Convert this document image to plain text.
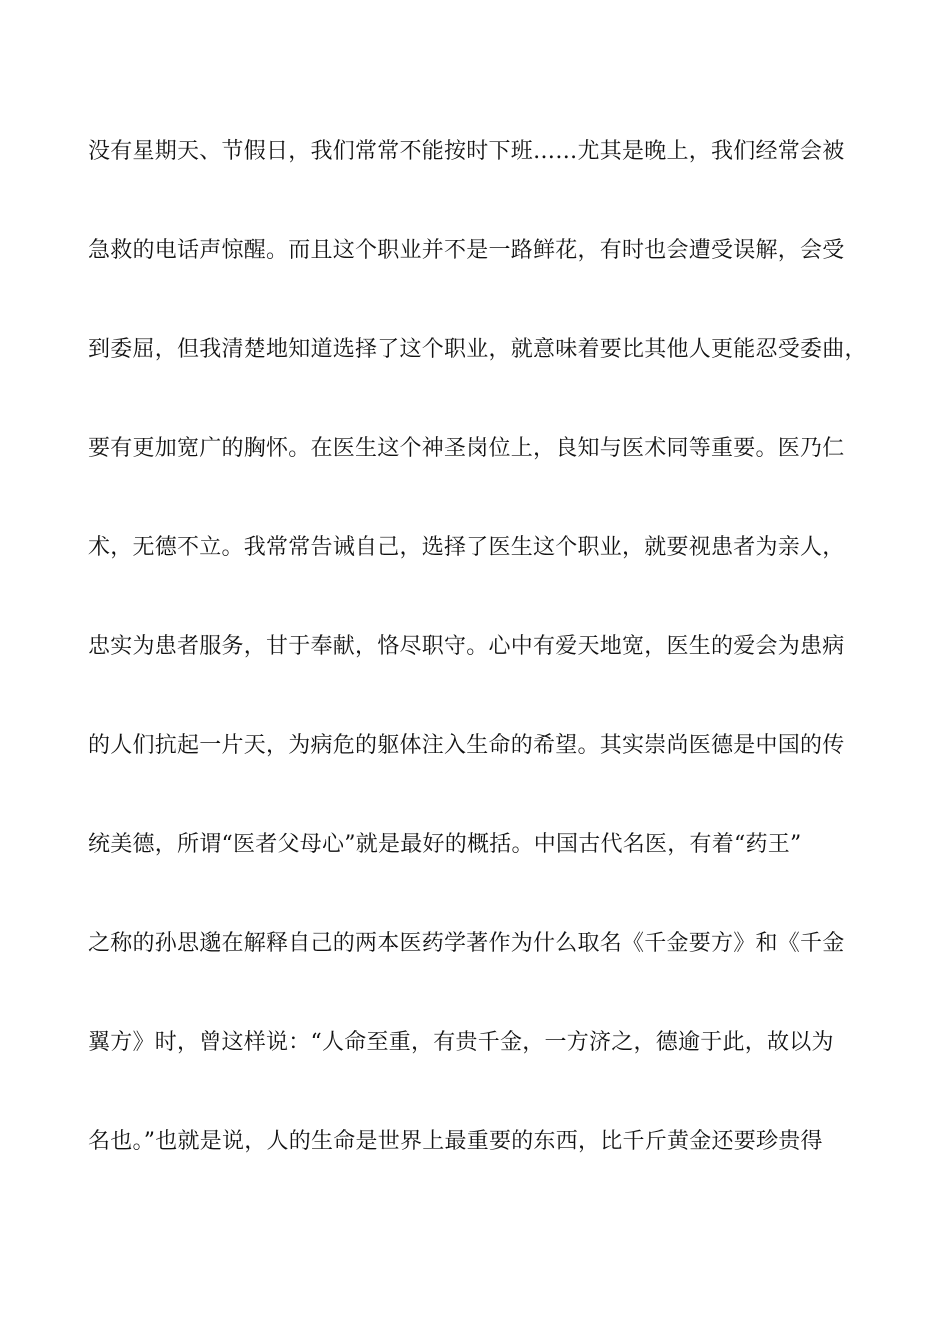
没有星期天、节假日，我们常常不能按时下班……尤其是晚上，我们经常会被
急救的电话声惊醒。而且这个职业并不是一路鲜花，有时也会遭受误解，会受
到委屈，但我清楚地知道选择了这个职业，就意味着要比其他人更能忍受委曲，
要有更加宽广的胸怀。在医生这个神圣岗位上，良知与医术同等重要。医乃仁
术，无德不立。我常常告诫自己，选择了医生这个职业，就要视患者为亲人，
忠实为患者服务，甘于奉献，恪尽职守。心中有爱天地宽，医生的爱会为患病
的人们抗起一片天，为病危的躯体注入生命的希望。其实崇尚医德是中国的传
统美德，所谓“医者父母心”就是最好的概括。中国古代名医，有着“药王”
之称的孙思邈在解释自己的两本医药学著作为什么取名《千金要方》和《千金
翼方》时，曾这样说：“人命至重，有贵千金，一方济之，德逾于此，故以为
名也。”也就是说，人的生命是世界上最重要的东西，比千斤黄金还要珍贵得
